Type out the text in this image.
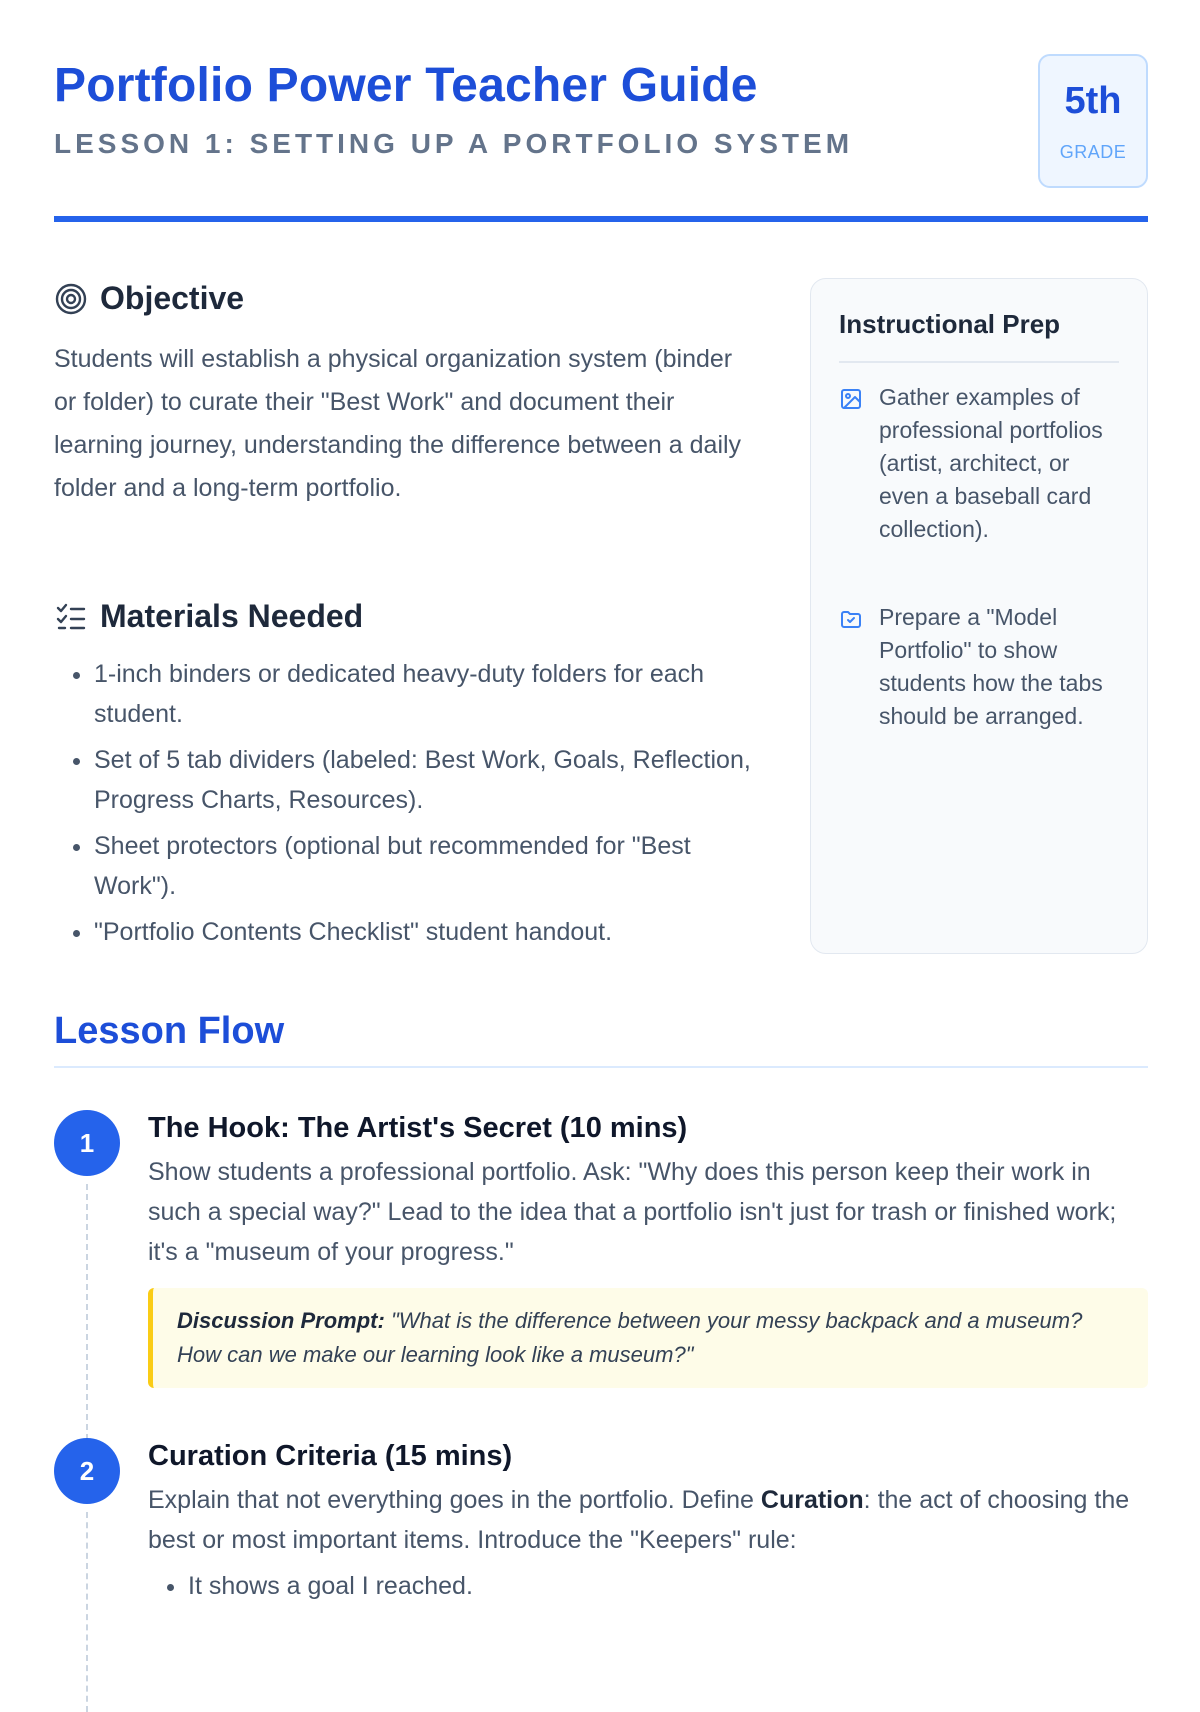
Portfolio Power Teacher Guide
LESSON 1: SETTING UP A PORTFOLIO SYSTEM
5th
GRADE
Objective

Students will establish a physical organization system (binder or folder) to curate their "Best Work" and document their learning journey, understanding the difference between a daily folder and a long-term portfolio.

Materials Needed
• 1-inch binders or dedicated heavy-duty folders for each student.
• Set of 5 tab dividers (labeled: Best Work, Goals, Reflection, Progress Charts, Resources).
• Sheet protectors (optional but recommended for "Best Work").
• "Portfolio Contents Checklist" student handout.
Instructional Prep
Gather examples of professional portfolios (artist, architect, or even a baseball card collection).
Prepare a "Model Portfolio" to show students how the tabs should be arranged.
Lesson Flow
1	The Hook: The Artist's Secret (10 mins)

Show students a professional portfolio. Ask: "Why does this person keep their work in such a special way?" Lead to the idea that a portfolio isn't just for trash or finished work; it's a "museum of your progress."

Discussion Prompt: "What is the difference between your messy backpack and a museum? How can we make our learning look like a museum?"
2	Curation Criteria (15 mins)

Explain that not everything goes in the portfolio. Define Curation: the act of choosing the best or most important items. Introduce the "Keepers" rule:

• It shows a goal I reached.
